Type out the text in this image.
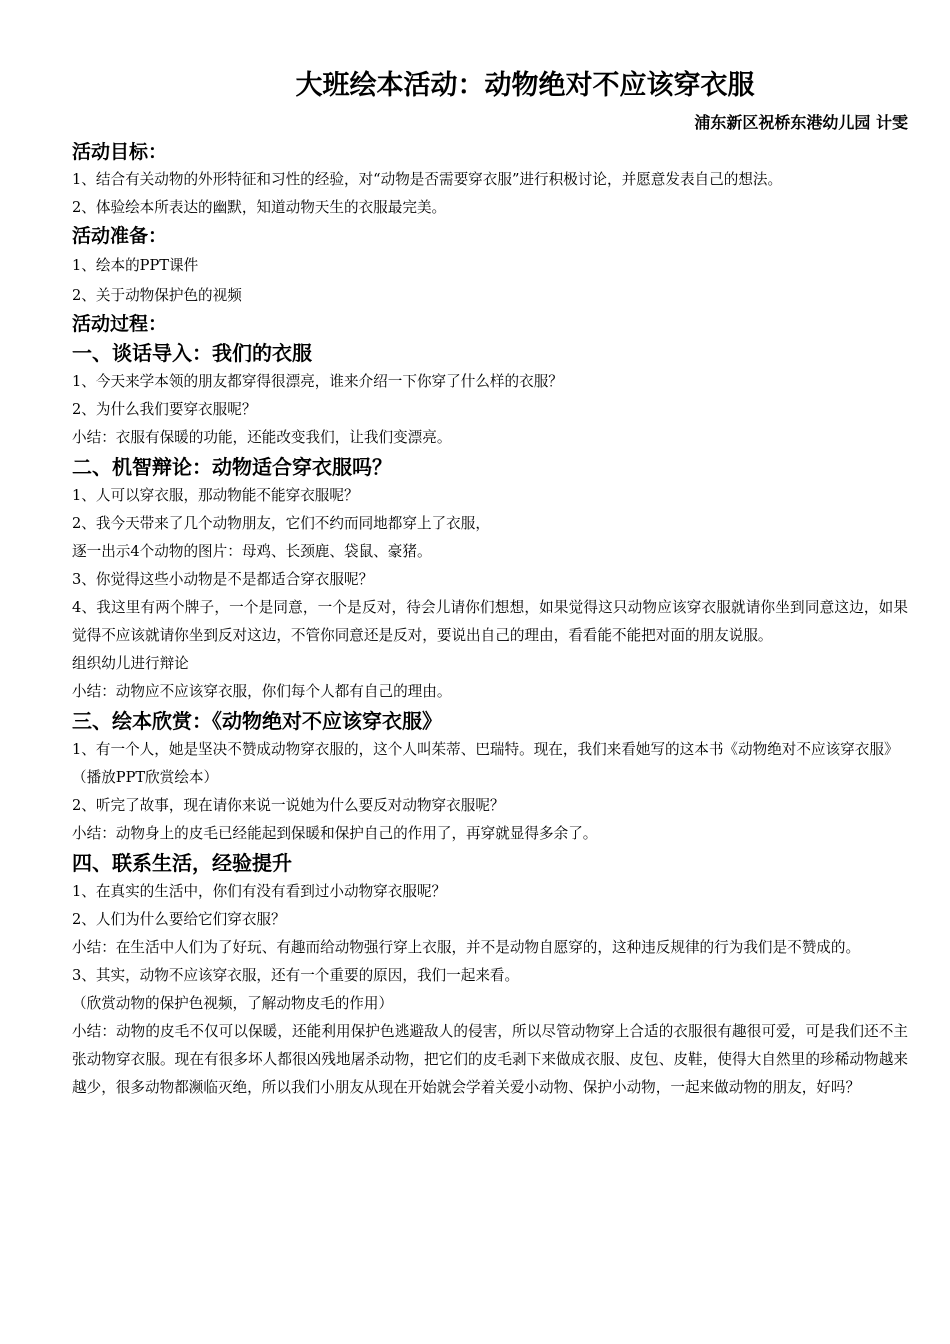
大班绘本活动：动物绝对不应该穿衣服
浦东新区祝桥东港幼儿园 计雯
活动目标：

1、结合有关动物的外形特征和习性的经验，对“动物是否需要穿衣服”进行积极讨论，并愿意发表自己的想法。

2、体验绘本所表达的幽默，知道动物天生的衣服最完美。

活动准备：

1、绘本的PPT课件

2、关于动物保护色的视频

活动过程：
一、谈话导入：我们的衣服

1、今天来学本领的朋友都穿得很漂亮，谁来介绍一下你穿了什么样的衣服？

2、为什么我们要穿衣服呢？

小结：衣服有保暖的功能，还能改变我们，让我们变漂亮。

二、机智辩论：动物适合穿衣服吗？

1、人可以穿衣服，那动物能不能穿衣服呢？

2、我今天带来了几个动物朋友，它们不约而同地都穿上了衣服，

逐一出示4个动物的图片：母鸡、长颈鹿、袋鼠、豪猪。

3、你觉得这些小动物是不是都适合穿衣服呢？

4、我这里有两个牌子，一个是同意，一个是反对，待会儿请你们想想，如果觉得这只动物应该穿衣服就请你坐到同意这边，如果觉得不应该就请你坐到反对这边，不管你同意还是反对，要说出自己的理由，看看能不能把对面的朋友说服。

组织幼儿进行辩论

小结：动物应不应该穿衣服，你们每个人都有自己的理由。

三、绘本欣赏：《动物绝对不应该穿衣服》

1、有一个人，她是坚决不赞成动物穿衣服的，这个人叫茱蒂、巴瑞特。现在，我们来看她写的这本书《动物绝对不应该穿衣服》

（播放PPT欣赏绘本）

2、听完了故事，现在请你来说一说她为什么要反对动物穿衣服呢？

小结：动物身上的皮毛已经能起到保暖和保护自己的作用了，再穿就显得多余了。

四、联系生活，经验提升

1、在真实的生活中，你们有没有看到过小动物穿衣服呢？

2、人们为什么要给它们穿衣服？

小结：在生活中人们为了好玩、有趣而给动物强行穿上衣服，并不是动物自愿穿的，这种违反规律的行为我们是不赞成的。

3、其实，动物不应该穿衣服，还有一个重要的原因，我们一起来看。

（欣赏动物的保护色视频，了解动物皮毛的作用）

小结：动物的皮毛不仅可以保暖，还能利用保护色逃避敌人的侵害，所以尽管动物穿上合适的衣服很有趣很可爱，可是我们还不主张动物穿衣服。现在有很多坏人都很凶残地屠杀动物，把它们的皮毛剥下来做成衣服、皮包、皮鞋，使得大自然里的珍稀动物越来越少，很多动物都濒临灭绝，所以我们小朋友从现在开始就会学着关爱小动物、保护小动物，一起来做动物的朋友，好吗？
